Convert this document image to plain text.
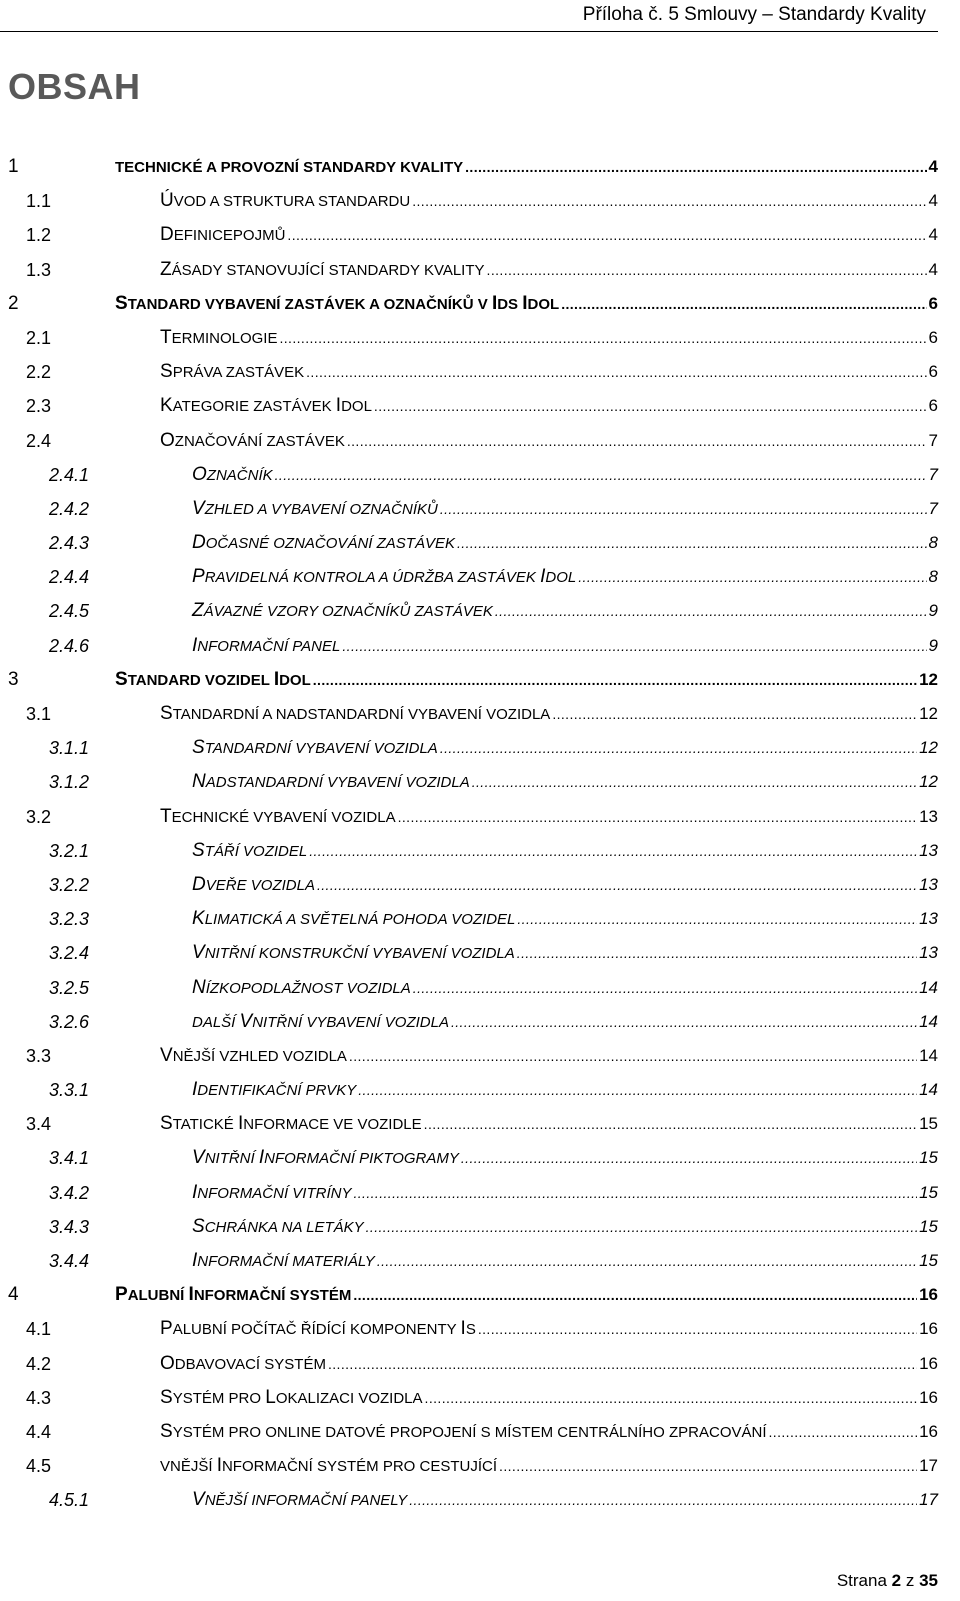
Příloha č. 5 Smlouvy – Standardy Kvality
OBSAH
1	TECHNICKÉ A PROVOZNÍ STANDARDY KVALITY .....	4
1.1	ÚVOD A STRUKTURA STANDARDU .....	4
1.2	DEFINICEPOJMŮ .....	4
1.3	ZÁSADY STANOVUJÍCÍ STANDARDY KVALITY .....	4
2	STANDARD VYBAVENÍ ZASTÁVEK A OZNAČNÍKŮ V IDS IDOL .....	6
2.1	TERMINOLOGIE .....	6
2.2	SPRÁVA ZASTÁVEK .....	6
2.3	KATEGORIE ZASTÁVEK IDOL .....	6
2.4	OZNAČOVÁNÍ ZASTÁVEK .....	7
2.4.1	OZNAČNÍK .....	7
2.4.2	VZHLED A VYBAVENÍ OZNAČNÍKŮ .....	7
2.4.3	DOČASNÉ OZNAČOVÁNÍ ZASTÁVEK .....	8
2.4.4	PRAVIDELNÁ KONTROLA A ÚDRŽBA ZASTÁVEK IDOL .....	8
2.4.5	ZÁVAZNÉ VZORY OZNAČNÍKŮ ZASTÁVEK .....	9
2.4.6	INFORMAČNÍ PANEL .....	9
3	STANDARD VOZIDEL IDOL .....	12
3.1	STANDARDNÍ A NADSTANDARDNÍ VYBAVENÍ VOZIDLA .....	12
3.1.1	STANDARDNÍ VYBAVENÍ VOZIDLA .....	12
3.1.2	NADSTANDARDNÍ VYBAVENÍ VOZIDLA .....	12
3.2	TECHNICKÉ VYBAVENÍ VOZIDLA .....	13
3.2.1	STÁŘÍ VOZIDEL .....	13
3.2.2	DVEŘE VOZIDLA .....	13
3.2.3	KLIMATICKÁ A SVĚTELNÁ POHODA VOZIDEL .....	13
3.2.4	VNITŘNÍ KONSTRUKČNÍ VYBAVENÍ VOZIDLA .....	13
3.2.5	NÍZKOPODLAŽNOST VOZIDLA .....	14
3.2.6	DALŠÍ VNITŘNÍ VYBAVENÍ VOZIDLA .....	14
3.3	VNĚJŠÍ VZHLED VOZIDLA .....	14
3.3.1	IDENTIFIKAČNÍ PRVKY .....	14
3.4	STATICKÉ INFORMACE VE VOZIDLE .....	15
3.4.1	VNITŘNÍ INFORMAČNÍ PIKTOGRAMY .....	15
3.4.2	INFORMAČNÍ VITRÍNY .....	15
3.4.3	SCHRÁNKA NA LETÁKY .....	15
3.4.4	INFORMAČNÍ MATERIÁLY .....	15
4	PALUBNÍ INFORMAČNÍ SYSTÉM .....	16
4.1	PALUBNÍ POČÍTAČ ŘÍDÍCÍ KOMPONENTY IS .....	16
4.2	ODBAVOVACÍ SYSTÉM .....	16
4.3	SYSTÉM PRO LOKALIZACI VOZIDLA .....	16
4.4	SYSTÉM PRO ONLINE DATOVÉ PROPOJENÍ S MÍSTEM CENTRÁLNÍHO ZPRACOVÁNÍ .....	16
4.5	VNĚJŠÍ INFORMAČNÍ SYSTÉM PRO CESTUJÍCÍ .....	17
4.5.1	VNĚJŠÍ INFORMAČNÍ PANELY .....	17
Strana 2 z 35
